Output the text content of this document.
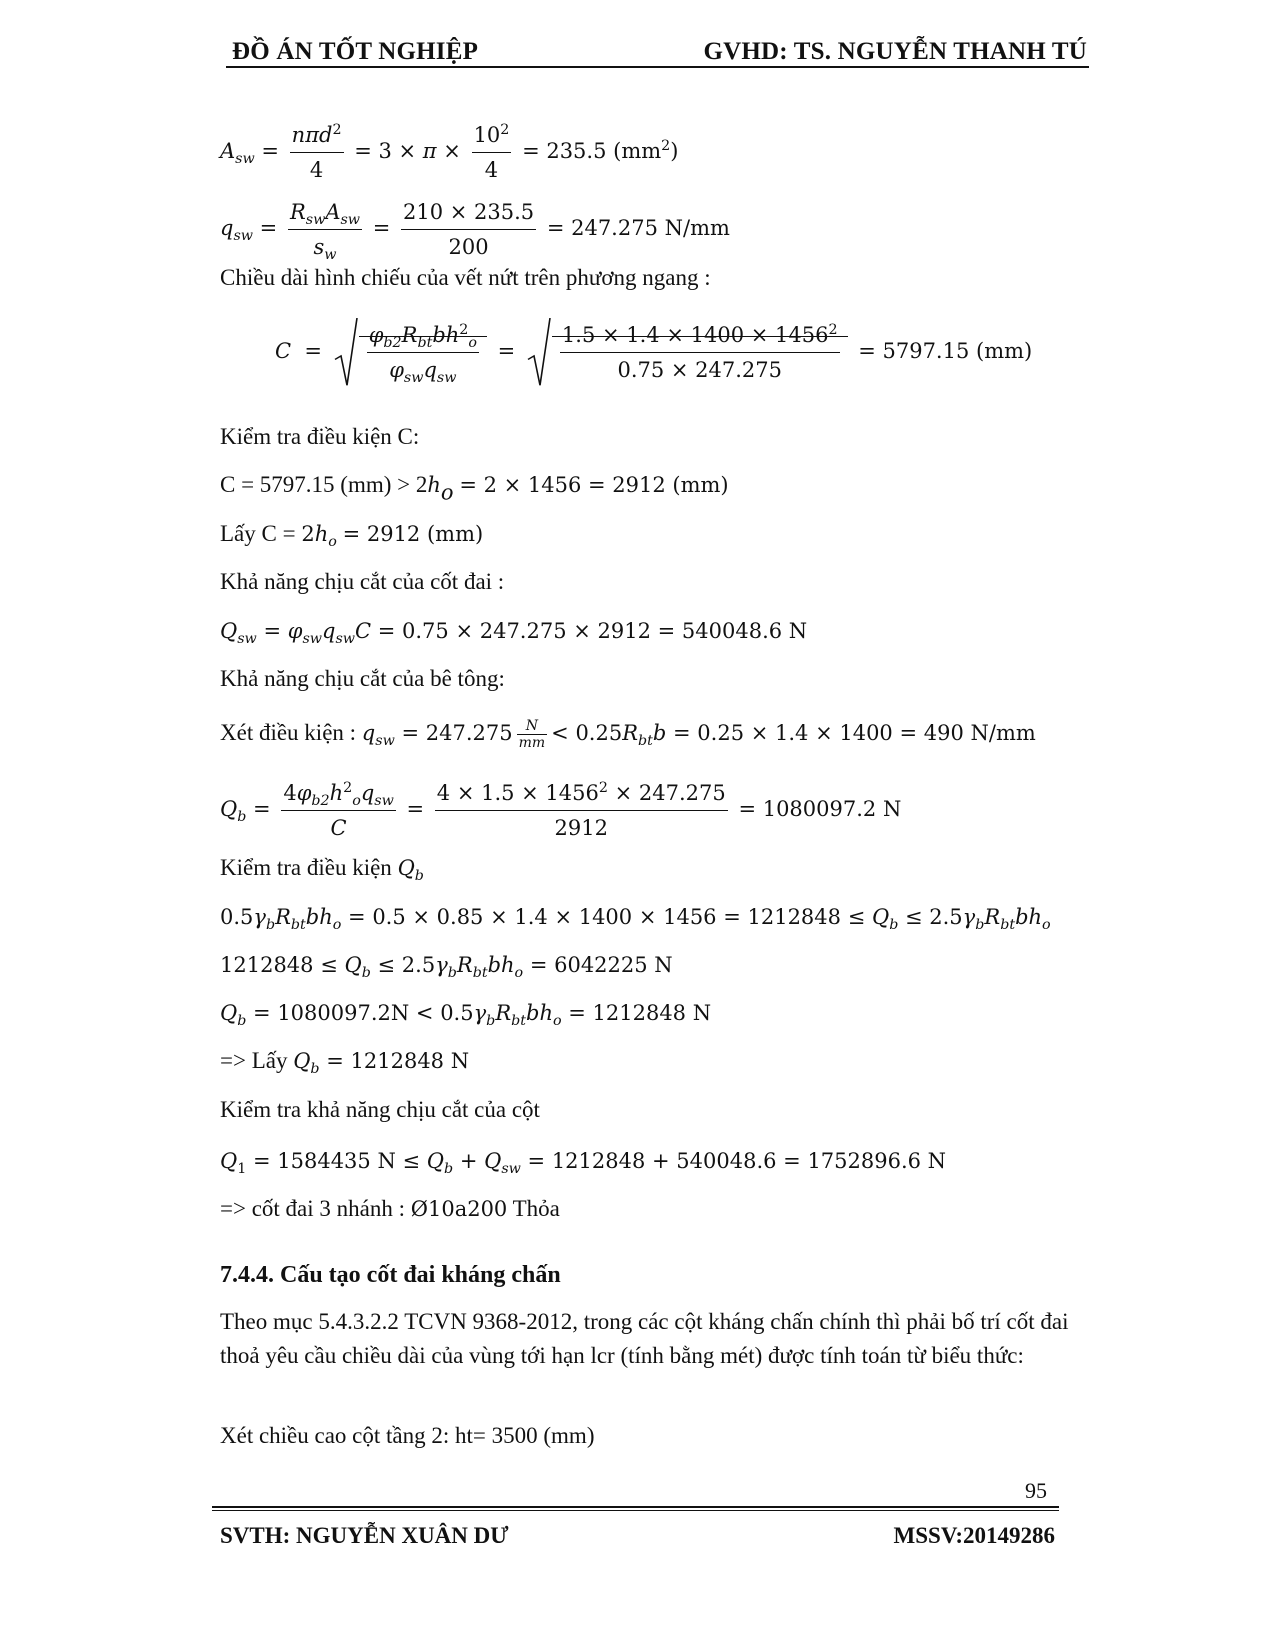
ĐỒ ÁN TỐT NGHIỆP	GVHD: TS. NGUYỄN THANH TÚ
$A_{sw} = \frac{n\pi d^2}{4} = 3 \times \pi \times \frac{10^2}{4} = 235.5$ $(mm^2)$
$q_{sw} = \frac{R_{sw}A_{sw}}{s_w} = \frac{210 \times 235.5}{200} = 247.275$ N/mm
Chiều dài hình chiếu của vết nứt trên phương ngang :
$C = \frac{\varphi_{b2}R_{bt}bh^2_o}{\varphi_{sw}q_{sw}} = \frac{1.5 \times 1.4 \times 1400 \times 1456^2}{0.75 \times 247.275} = 5797.15$ (mm)
Kiểm tra điều kiện C:
C = 5797.15 $(mm) > 2h_o = 2 \times 1456 = 2912$ (mm)
Lấy $C = 2h_o = 2912$ (mm)
Khả năng chịu cắt của cốt đai :
$Q_{sw} = \varphi_{sw}q_{sw}C = 0.75 \times 247.275 \times 2912 = 540048.6$ N
Khả năng chịu cắt của bê tông:
Xét điều kiện : $q_{sw} = 247.275 \frac{N}{mm} < 0.25R_{bt}b = 0.25 \times 1.4 \times 1400 = 490$ N/mm
$Q_b = \frac{4\varphi_{b2}h^2_oq_{sw}}{C} = \frac{4 \times 1.5 \times 1456^2 \times 247.275}{2912} = 1080097.2$ N
Kiểm tra điều kiện $Q_b$
$0.5\gamma_bR_{bt}bh_o = 0.5 \times 0.85 \times 1.4 \times 1400 \times 1456 = 1212848 \le Q_b \le 2.5\gamma_bR_{bt}bh_o$
$1212848 \le Q_b \le 2.5\gamma_bR_{bt}bh_o = 6042225$ N
$Q_b = 1080097.2N < 0.5\gamma_bR_{bt}bh_o = 1212848$ N
=> Lấy $Q_b = 1212848$ N
Kiểm tra khả năng chịu cắt của cột
$Q_1 = 1584435$ $N \le Q_b + Q_{sw} = 1212848 + 540048.6 = 1752896.6$ N
=> cốt đai 3 nhánh : Ø10a200 Thỏa
7.4.4. Cấu tạo cốt đai kháng chấn
Theo mục 5.4.3.2.2 TCVN 9368-2012, trong các cột kháng chấn chính thì phải bố trí cốt đai thoả yêu cầu chiều dài của vùng tới hạn lcr (tính bằng mét) được tính toán từ biểu thức:
Xét chiều cao cột tầng 2: ht= 3500 (mm)
95
SVTH: NGUYỄN XUÂN DƯ	MSSV:20149286
